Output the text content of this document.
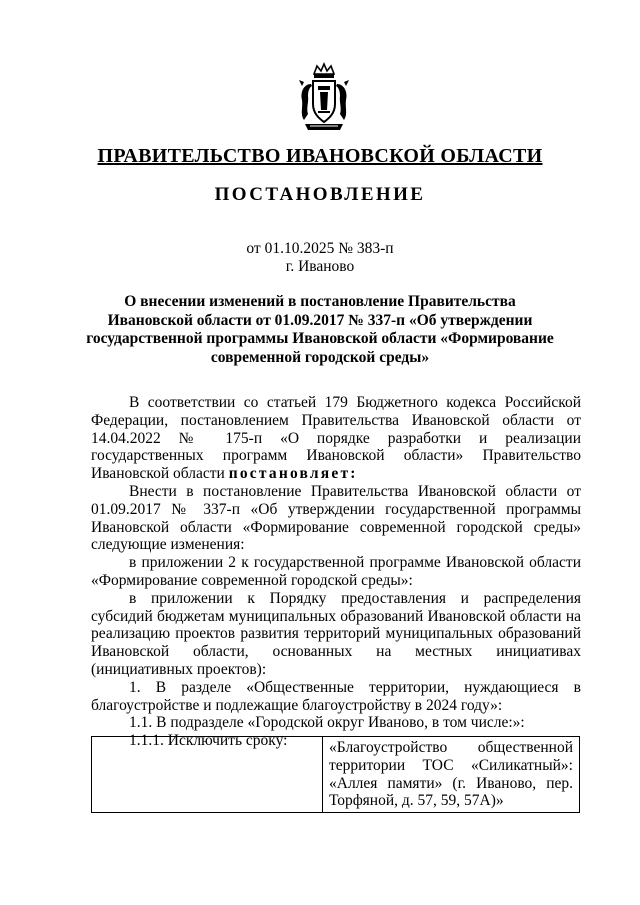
ПРАВИТЕЛЬСТВО ИВАНОВСКОЙ ОБЛАСТИ
ПОСТАНОВЛЕНИЕ
от 01.10.2025 № 383-п
г. Иваново
О внесении изменений в постановление Правительства
Ивановской области от 01.09.2017 № 337-п «Об утверждении
государственной программы Ивановской области «Формирование
современной городской среды»

В соответствии со статьей 179 Бюджетного кодекса Российской Федерации, постановлением Правительства Ивановской области от 14.04.2022 № 175-п «О порядке разработки и реализации государственных программ Ивановской области» Правительство Ивановской области постановляет:

Внести в постановление Правительства Ивановской области от 01.09.2017 № 337-п «Об утверждении государственной программы Ивановской области «Формирование современной городской среды» следующие изменения:

в приложении 2 к государственной программе Ивановской области «Формирование современной городской среды»:

в приложении к Порядку предоставления и распределения субсидий бюджетам муниципальных образований Ивановской области на реализацию проектов развития территорий муниципальных образований Ивановской области, основанных на местных инициативах (инициативных проектов):

1. В разделе «Общественные территории, нуждающиеся в благоустройстве и подлежащие благоустройству в 2024 году»:

1.1. В подразделе «Городской округ Иваново, в том числе:»:

1.1.1. Исключить сроку:

		«Благоустройство общественной территории ТОС «Силикатный»: «Аллея памяти» (г. Иваново, пер. Торфяной, д. 57, 59, 57А)»
